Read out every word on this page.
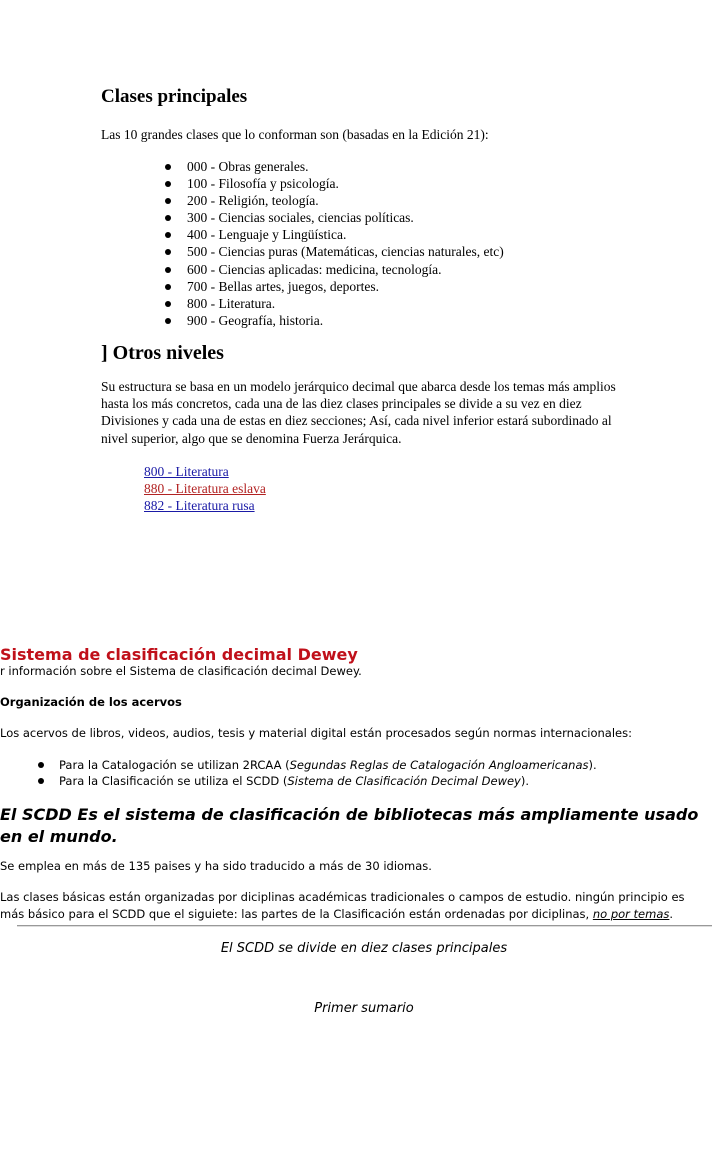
Clases principales

Las 10 grandes clases que lo conforman son (basadas en la Edición 21):

000 - Obras generales.
100 - Filosofía y psicología.
200 - Religión, teología.
300 - Ciencias sociales, ciencias políticas.
400 - Lenguaje y Lingüística.
500 - Ciencias puras (Matemáticas, ciencias naturales, etc)
600 - Ciencias aplicadas: medicina, tecnología.
700 - Bellas artes, juegos, deportes.
800 - Literatura.
900 - Geografía, historia.
] Otros niveles

Su estructura se basa en un modelo jerárquico decimal que abarca desde los temas más amplios hasta los más concretos, cada una de las diez clases principales se divide a su vez en diez Divisiones y cada una de estas en diez secciones; Así, cada nivel inferior estará subordinado al nivel superior, algo que se denomina Fuerza Jerárquica.

800 - Literatura
880 - Literatura eslava
882 - Literatura rusa
Sistema de clasificación decimal Dewey

r información sobre el Sistema de clasificación decimal Dewey.

Organización de los acervos

Los acervos de libros, videos, audios, tesis y material digital están procesados según normas internacionales:

Para la Catalogación se utilizan 2RCAA (Segundas Reglas de Catalogación Angloamericanas).
Para la Clasificación se utiliza el SCDD (Sistema de Clasificación Decimal Dewey).
El SCDD Es el sistema de clasificación de bibliotecas más ampliamente usado en el mundo.

Se emplea en más de 135 paises y ha sido traducido a más de 30 idiomas.

Las clases básicas están organizadas por diciplinas académicas tradicionales o campos de estudio. ningún principio es más básico para el SCDD que el siguiete: las partes de la Clasificación están ordenadas por diciplinas, no por temas.

El SCDD se divide en diez clases principales

Primer sumario
